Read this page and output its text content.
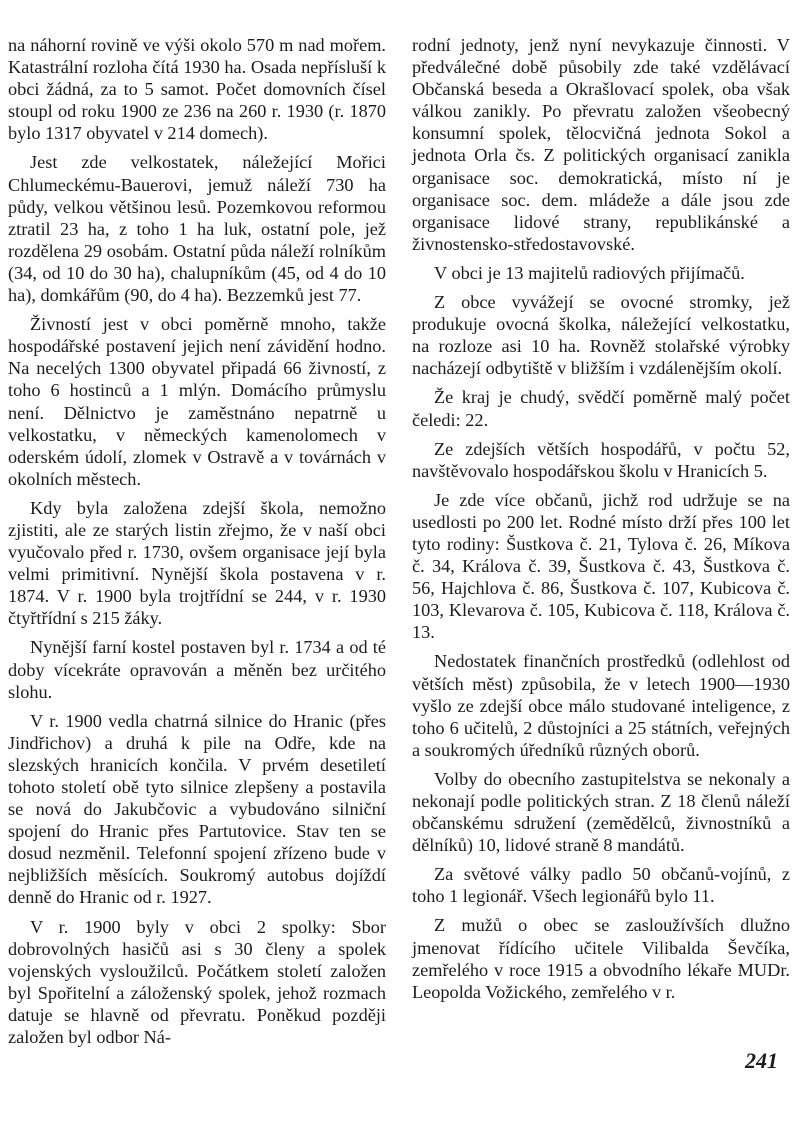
na náhorní rovině ve výši okolo 570 m nad mořem. Katastrální rozloha čítá 1930 ha. Osada nepřísluší k obci žádná, za to 5 samot. Počet domovních čísel stoupl od roku 1900 ze 236 na 260 r. 1930 (r. 1870 bylo 1317 obyvatel v 214 domech).

Jest zde velkostatek, náležející Mořici Chlumeckému-Bauerovi, jemuž náleží 730 ha půdy, velkou většinou lesů. Pozemkovou reformou ztratil 23 ha, z toho 1 ha luk, ostatní pole, jež rozdělena 29 osobám. Ostatní půda náleží rolníkům (34, od 10 do 30 ha), chalupníkům (45, od 4 do 10 ha), domkářům (90, do 4 ha). Bezzemků jest 77.

Živností jest v obci poměrně mnoho, takže hospodářské postavení jejich není závidění hodno. Na necelých 1300 obyvatel připadá 66 živností, z toho 6 hostinců a 1 mlýn. Domácího průmyslu není. Dělnictvo je zaměstnáno nepatrně u velkostatku, v německých kamenolomech v oderském údolí, zlomek v Ostravě a v továrnách v okolních městech.

Kdy byla založena zdejší škola, nemožno zjistiti, ale ze starých listin zřejmo, že v naší obci vyučovalo před r. 1730, ovšem organisace její byla velmi primitivní. Nynější škola postavena v r. 1874. V r. 1900 byla trojtřídní se 244, v r. 1930 čtyřtřídní s 215 žáky.

Nynější farní kostel postaven byl r. 1734 a od té doby vícekráte opravován a měněn bez určitého slohu.

V r. 1900 vedla chatrná silnice do Hranic (přes Jindřichov) a druhá k pile na Odře, kde na slezských hranicích končila. V prvém desetiletí tohoto století obě tyto silnice zlepšeny a postavila se nová do Jakubčovic a vybudováno silniční spojení do Hranic přes Partutovice. Stav ten se dosud nezměnil. Telefonní spojení zřízeno bude v nejbližších měsících. Soukromý autobus dojíždí denně do Hranic od r. 1927.

V r. 1900 byly v obci 2 spolky: Sbor dobrovolných hasičů asi s 30 členy a spolek vojenských vysloužilců. Počátkem století založen byl Spořitelní a záloženský spolek, jehož rozmach datuje se hlavně od převratu. Poněkud později založen byl odbor Ná-

rodní jednoty, jenž nyní nevykazuje činnosti. V předválečné době působily zde také vzdělávací Občanská beseda a Okrašlovací spolek, oba však válkou zanikly. Po převratu založen všeobecný konsumní spolek, tělocvičná jednota Sokol a jednota Orla čs. Z politických organisací zanikla organisace soc. demokratická, místo ní je organisace soc. dem. mládeže a dále jsou zde organisace lidové strany, republikánské a živnostensko-středostavovské.

V obci je 13 majitelů radiových přijímačů.

Z obce vyvážejí se ovocné stromky, jež produkuje ovocná školka, náležející velkostatku, na rozloze asi 10 ha. Rovněž stolařské výrobky nacházejí odbytiště v bližším i vzdálenějším okolí.

Že kraj je chudý, svědčí poměrně malý počet čeledi: 22.

Ze zdejších větších hospodářů, v počtu 52, navštěvovalo hospodářskou školu v Hranicích 5.

Je zde více občanů, jichž rod udržuje se na usedlosti po 200 let. Rodné místo drží přes 100 let tyto rodiny: Šustkova č. 21, Tylova č. 26, Míkova č. 34, Králova č. 39, Šustkova č. 43, Šustkova č. 56, Hajchlova č. 86, Šustkova č. 107, Kubicova č. 103, Klevarova č. 105, Kubicova č. 118, Králova č. 13.

Nedostatek finančních prostředků (odlehlost od větších měst) způsobila, že v letech 1900—1930 vyšlo ze zdejší obce málo studované inteligence, z toho 6 učitelů, 2 důstojníci a 25 státních, veřejných a soukromých úředníků různých oborů.

Volby do obecního zastupitelstva se nekonaly a nekonají podle politických stran. Z 18 členů náleží občanskému sdružení (zemědělců, živnostníků a dělníků) 10, lidové straně 8 mandátů.

Za světové války padlo 50 občanů-vojínů, z toho 1 legionář. Všech legionářů bylo 11.

Z mužů o obec se zasloužívších dlužno jmenovat řídícího učitele Vilibalda Ševčíka, zemřelého v roce 1915 a obvodního lékaře MUDr. Leopolda Vožického, zemřelého v r.

241
